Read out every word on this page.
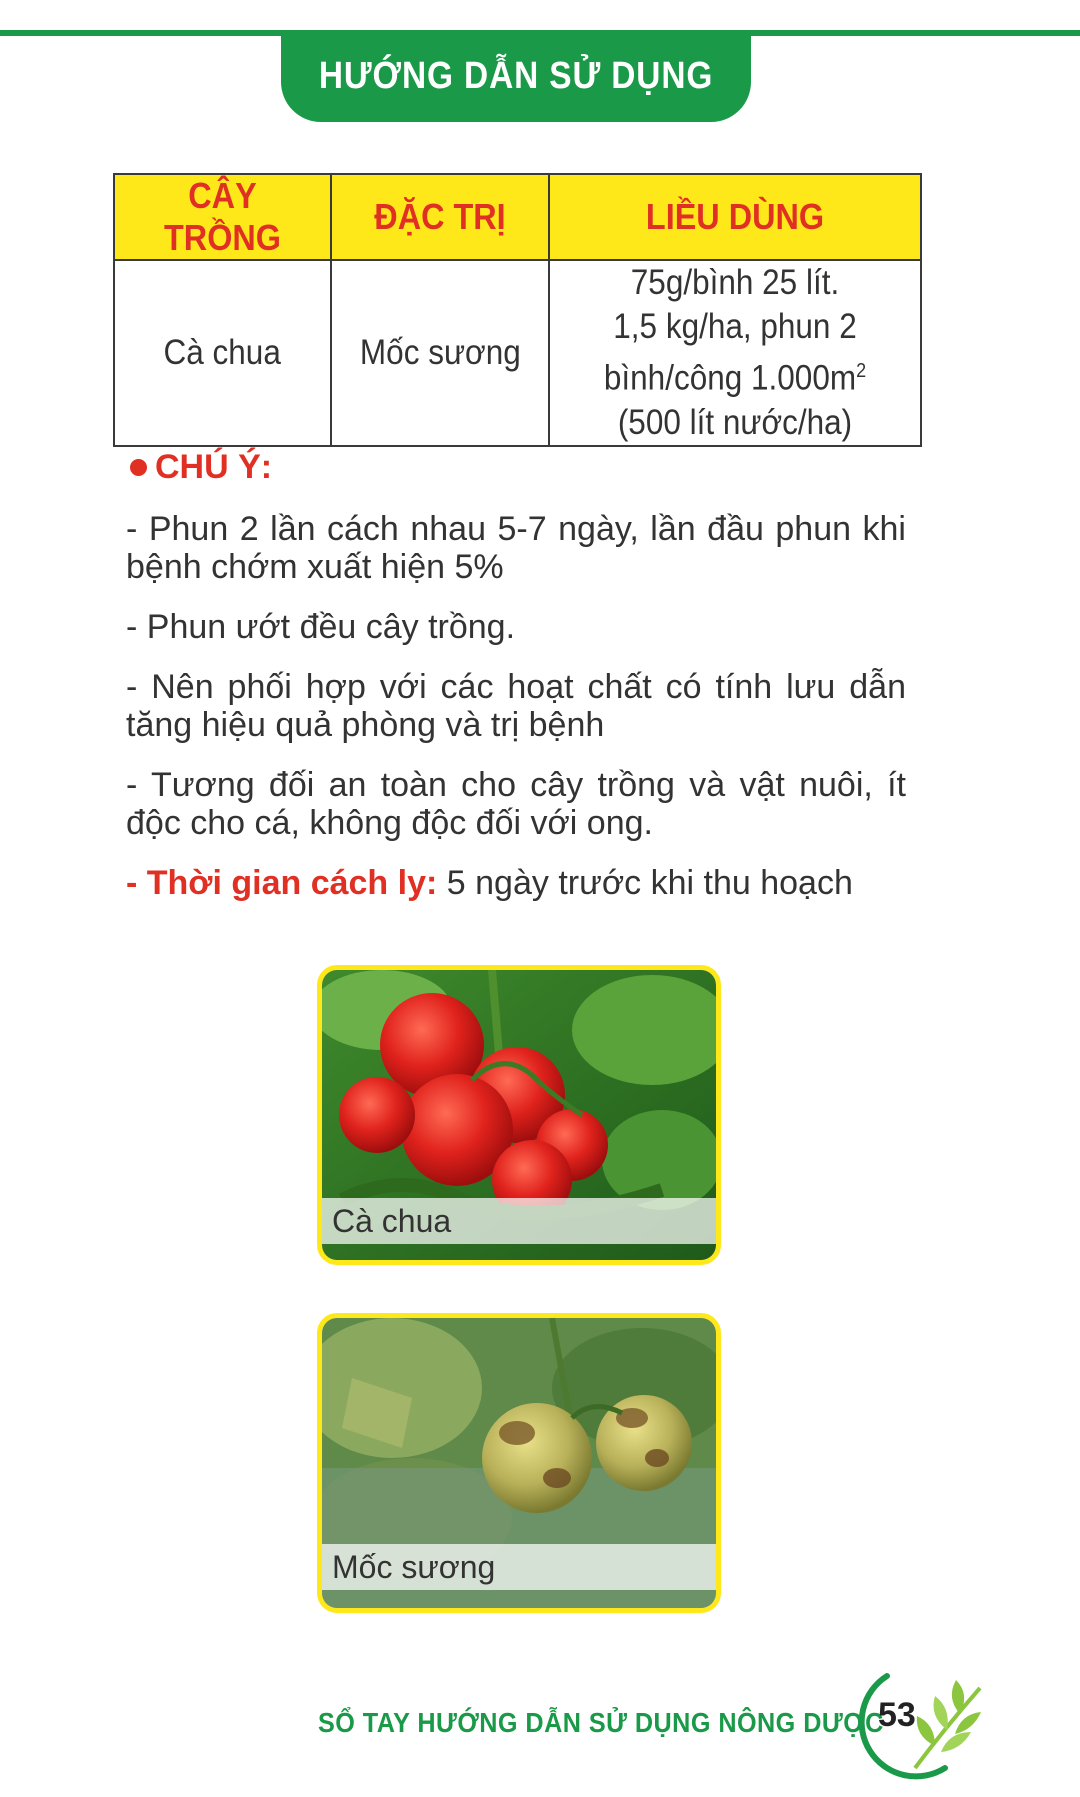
HƯỚNG DẪN SỬ DỤNG
CÂY TRỒNG	ĐẶC TRỊ	LIỀU DÙNG
Cà chua	Mốc sương	75g/bình 25 lít.
1,5 kg/ha, phun 2
bình/công $1.000m^2$
(500 lít nước/ha)
CHÚ Ý:

- Phun 2 lần cách nhau 5-7 ngày, lần đầu phun khi bệnh chớm xuất hiện 5%

- Phun ướt đều cây trồng.

- Nên phối hợp với các hoạt chất có tính lưu dẫn tăng hiệu quả phòng và trị bệnh

- Tương đối an toàn cho cây trồng và vật nuôi, ít độc cho cá, không độc đối với ong.

- Thời gian cách ly: 5 ngày trước khi thu hoạch

Cà chua
Mốc sương
SỔ TAY HƯỚNG DẪN SỬ DỤNG NÔNG DƯỢC
53
